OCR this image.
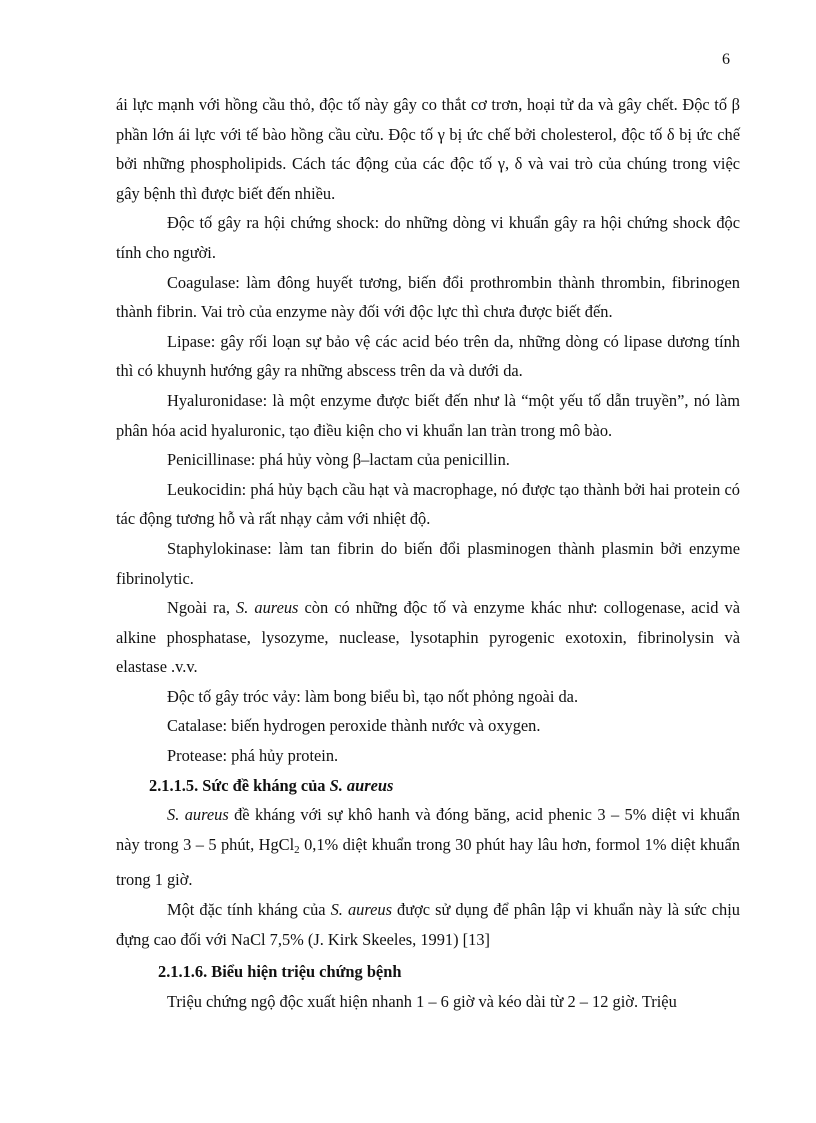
6

ái lực mạnh với hồng cầu thỏ, độc tố này gây co thắt cơ trơn, hoại tử da và gây chết. Độc tố β phần lớn ái lực với tế bào hồng cầu cừu. Độc tố γ bị ức chế bởi cholesterol, độc tố δ bị ức chế bởi những phospholipids. Cách tác động của các độc tố γ, δ và vai trò của chúng trong việc gây bệnh thì được biết đến nhiều.

Độc tố gây ra hội chứng shock: do những dòng vi khuẩn gây ra hội chứng shock độc tính cho người.

Coagulase: làm đông huyết tương, biến đổi prothrombin thành thrombin, fibrinogen thành fibrin. Vai trò của enzyme này đối với độc lực thì chưa được biết đến.

Lipase: gây rối loạn sự bảo vệ các acid béo trên da, những dòng có lipase dương tính thì có khuynh hướng gây ra những abscess trên da và dưới da.

Hyaluronidase: là một enzyme được biết đến như là “một yếu tố dẫn truyền”, nó làm phân hóa acid hyaluronic, tạo điều kiện cho vi khuẩn lan tràn trong mô bào.

Penicillinase: phá hủy vòng β–lactam của penicillin.

Leukocidin: phá hủy bạch cầu hạt và macrophage, nó được tạo thành bởi hai protein có tác động tương hỗ và rất nhạy cảm với nhiệt độ.

Staphylokinase: làm tan fibrin do biến đổi plasminogen thành plasmin bởi enzyme fibrinolytic.

Ngoài ra, S. aureus còn có những độc tố và enzyme khác như: collogenase, acid và alkine phosphatase, lysozyme, nuclease, lysotaphin pyrogenic exotoxin, fibrinolysin và elastase .v.v.

Độc tố gây tróc vảy: làm bong biểu bì, tạo nốt phỏng ngoài da.

Catalase: biến hydrogen peroxide thành nước và oxygen.

Protease: phá hủy protein.

2.1.1.5. Sức đề kháng của S. aureus

S. aureus đề kháng với sự khô hanh và đóng băng, acid phenic 3 – 5% diệt vi khuẩn này trong 3 – 5 phút, HgCl$_2$ 0,1% diệt khuẩn trong 30 phút hay lâu hơn, formol 1% diệt khuẩn trong 1 giờ.

Một đặc tính kháng của S. aureus được sử dụng để phân lập vi khuẩn này là sức chịu đựng cao đối với NaCl 7,5% (J. Kirk Skeeles, 1991) [13]

2.1.1.6. Biểu hiện triệu chứng bệnh

Triệu chứng ngộ độc xuất hiện nhanh 1 – 6 giờ và kéo dài từ 2 – 12 giờ. Triệu
